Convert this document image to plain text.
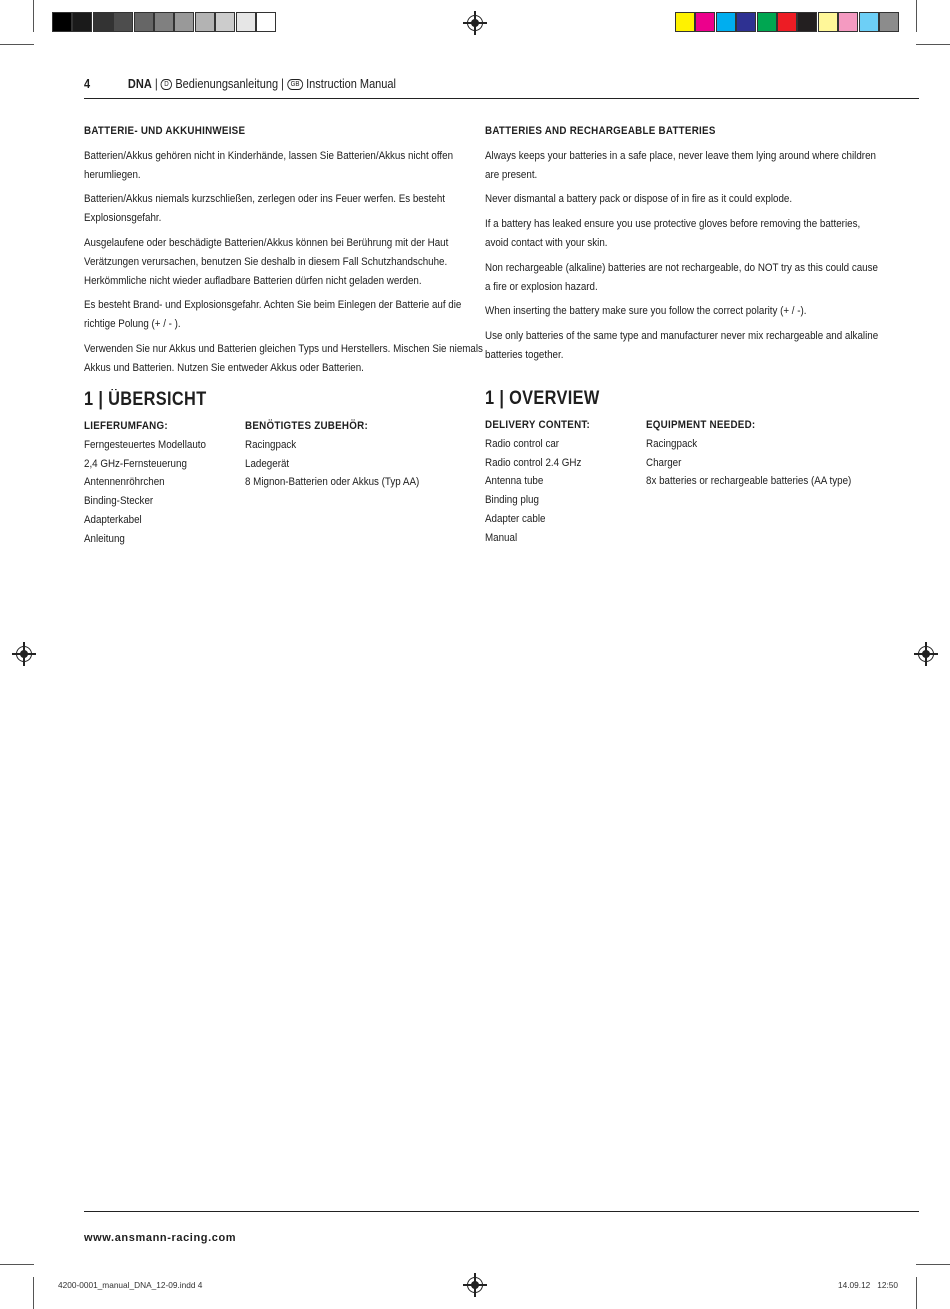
4	DNA | D Bedienungsanleitung | GB Instruction Manual
BATTERIE- UND AKKUHINWEISE
Batterien/Akkus gehören nicht in Kinderhände, lassen Sie Batterien/Akkus nicht offen herumliegen.
Batterien/Akkus niemals kurzschließen, zerlegen oder ins Feuer werfen. Es besteht Explosionsgefahr.
Ausgelaufene oder beschädigte Batterien/Akkus können bei Berührung mit der Haut Verätzungen verursachen, benutzen Sie deshalb in diesem Fall Schutzhandschuhe. Herkömmliche nicht wieder aufladbare Batterien dürfen nicht geladen werden.
Es besteht Brand- und Explosionsgefahr. Achten Sie beim Einlegen der Batterie auf die richtige Polung (+ / - ).
Verwenden Sie nur Akkus und Batterien gleichen Typs und Herstellers. Mischen Sie niemals Akkus und Batterien. Nutzen Sie entweder Akkus oder Batterien.
1 | ÜBERSICHT
LIEFERUMFANG:
Ferngesteuertes Modellauto
2,4 GHz-Fernsteuerung
Antennenröhrchen
Binding-Stecker
Adapterkabel
Anleitung
BENÖTIGTES ZUBEHÖR:
Racingpack
Ladegerät
8 Mignon-Batterien oder Akkus (Typ AA)
BATTERIES AND RECHARGEABLE BATTERIES
Always keeps your batteries in a safe place, never leave them lying around where children are present.
Never dismantal a battery pack or dispose of in fire as it could explode.
If a battery has leaked ensure you use protective gloves before removing the batteries, avoid contact with your skin.
Non rechargeable (alkaline) batteries are not rechargeable, do NOT try as this could cause a fire or explosion hazard.
When inserting the battery make sure you follow the correct polarity (+ / -).
Use only batteries of the same type and manufacturer never mix rechargeable and alkaline batteries together.
1 | OVERVIEW
DELIVERY CONTENT:
Radio control car
Radio control 2.4 GHz
Antenna tube
Binding plug
Adapter cable
Manual
EQUIPMENT NEEDED:
Racingpack
Charger
8x batteries or rechargeable batteries (AA type)
www.ansmann-racing.com
4200-0001_manual_DNA_12-09.indd 4	14.09.12 12:50
